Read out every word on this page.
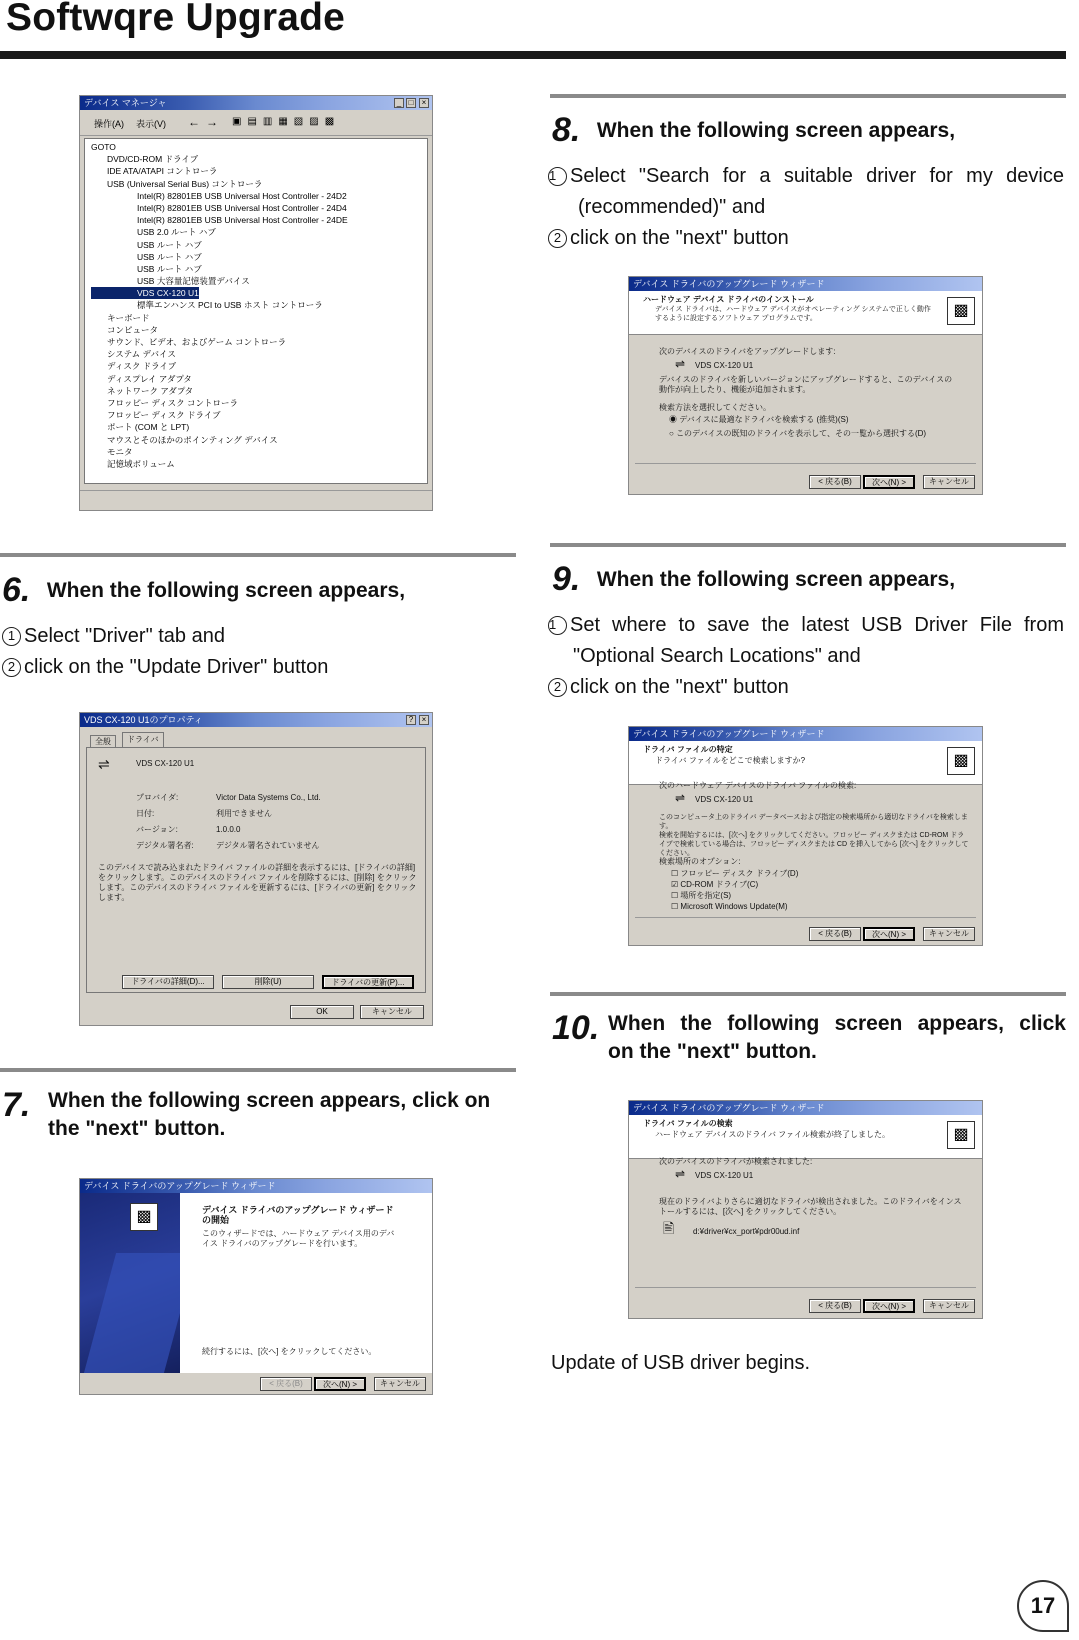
Softwqre Upgrade
デバイス マネージャ	_ □	×
操作(A) 表示(V) ← → ▣▤▥▦▧▨▩
GOTO
DVD/CD-ROM ドライブ
IDE ATA/ATAPI コントローラ
USB (Universal Serial Bus) コントローラ
Intel(R) 82801EB USB Universal Host Controller - 24D2
Intel(R) 82801EB USB Universal Host Controller - 24D4
Intel(R) 82801EB USB Universal Host Controller - 24DE
USB 2.0 ルート ハブ
USB ルート ハブ
USB ルート ハブ
USB ルート ハブ
USB 大容量記憶装置デバイス
VDS CX-120 U1
標準エンハンス PCI to USB ホスト コントローラ
キーボード
コンピュータ
サウンド、ビデオ、およびゲーム コントローラ
システム デバイス
ディスク ドライブ
ディスプレイ アダプタ
ネットワーク アダプタ
フロッピー ディスク コントローラ
フロッピー ディスク ドライブ
ポート (COM と LPT)
マウスとそのほかのポインティング デバイス
モニタ
記憶域ボリューム
6. When the following screen appears,
1 Select "Driver" tab and
2 click on the "Update Driver" button
VDS CX-120 U1のプロパティ	?	×
全般	ドライバ
⇌	VDS CX-120 U1
プロバイダ:	Victor Data Systems Co., Ltd.
日付:	利用できません
バージョン:	1.0.0.0
デジタル署名者:	デジタル署名されていません
このデバイスで読み込まれたドライバ ファイルの詳細を表示するには、[ドライバの詳細] をクリックします。このデバイスのドライバ ファイルを削除するには、[削除] をクリックします。このデバイスのドライバ ファイルを更新するには、[ドライバの更新] をクリックします。
ドライバの詳細(D)...	削除(U)	ドライバの更新(P)...
OK	キャンセル
7. When the following screen appears, click on the "next" button.
デバイス ドライバのアップグレード ウィザード
▩	デバイス ドライバのアップグレード ウィザードの開始
このウィザードでは、ハードウェア デバイス用のデバイス ドライバのアップグレードを行います。
続行するには、[次へ] をクリックしてください。
< 戻る(B)	次へ(N) >	キャンセル
8. When the following screen appears,
1 Select "Search for a suitable driver for my device
(recommended)" and
2 click on the "next" button
デバイス ドライバのアップグレード ウィザード
ハードウェア デバイス ドライバのインストール
デバイス ドライバは、ハードウェア デバイスがオペレーティング システムで正しく動作するように設定するソフトウェア プログラムです。	▩
次のデバイスのドライバをアップグレードします:
⇌ VDS CX-120 U1
デバイスのドライバを新しいバージョンにアップグレードすると、このデバイスの動作が向上したり、機能が追加されます。
検索方法を選択してください。
◉ デバイスに最適なドライバを検索する (推奨)(S)
○ このデバイスの既知のドライバを表示して、その一覧から選択する(D)
< 戻る(B)	次へ(N) >	キャンセル
9. When the following screen appears,
1 Set where to save the latest USB Driver File from
"Optional Search Locations" and
2 click on the "next" button
デバイス ドライバのアップグレード ウィザード
ドライバ ファイルの特定
ドライバ ファイルをどこで検索しますか?	▩
次のハードウェア デバイスのドライバ ファイルの検索:
⇌ VDS CX-120 U1
このコンピュータ上のドライバ データベースおよび指定の検索場所から適切なドライバを検索します。
検索を開始するには、[次へ] をクリックしてください。フロッピー ディスクまたは CD-ROM ドライブで検索している場合は、フロッピー ディスクまたは CD を挿入してから [次へ] をクリックしてください。
検索場所のオプション:
☐ フロッピー ディスク ドライブ(D)
☑ CD-ROM ドライブ(C)
☐ 場所を指定(S)
☐ Microsoft Windows Update(M)
< 戻る(B)	次へ(N) >	キャンセル
10. When the following screen appears, click
on the "next" button.
デバイス ドライバのアップグレード ウィザード
ドライバ ファイルの検索
ハードウェア デバイスのドライバ ファイル検索が終了しました。	▩
次のデバイスのドライバが検索されました:
⇌ VDS CX-120 U1
現在のドライバよりさらに適切なドライバが検出されました。このドライバをインストールするには、[次へ] をクリックしてください。
🖹 d:¥driver¥cx_port¥pdr00ud.inf
< 戻る(B)	次へ(N) >	キャンセル
Update of USB driver begins.
17
